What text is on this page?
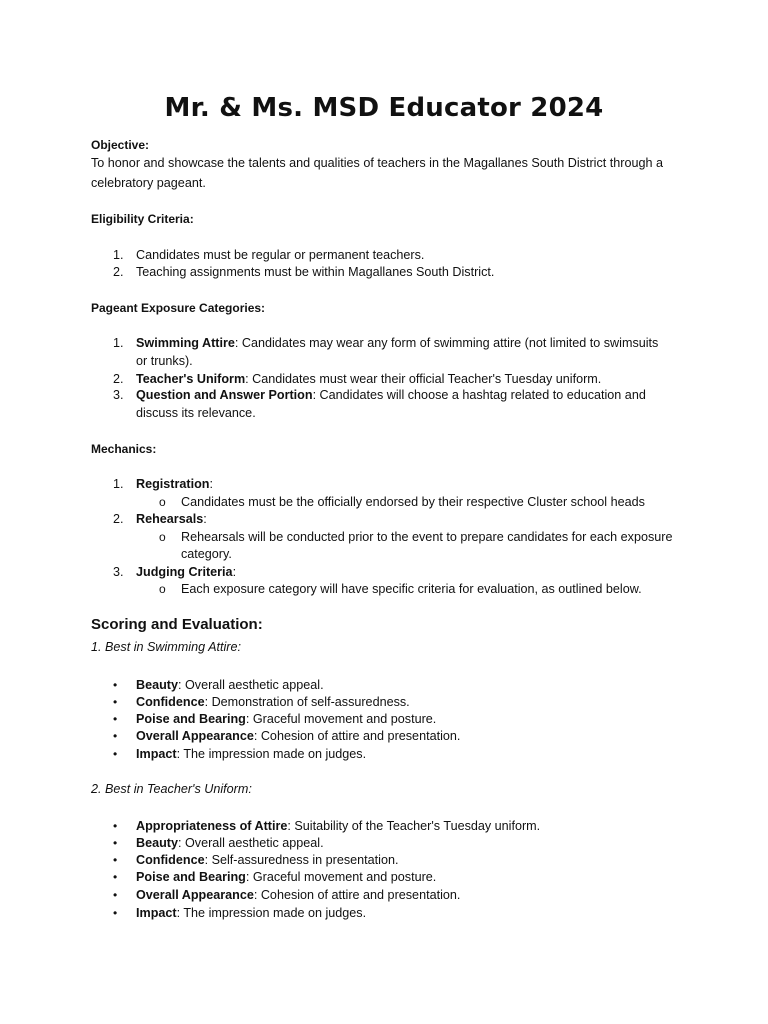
Mr. & Ms. MSD Educator 2024
Objective:
To honor and showcase the talents and qualities of teachers in the Magallanes South District through a
celebratory pageant.
Eligibility Criteria:
1. Candidates must be regular or permanent teachers.
2. Teaching assignments must be within Magallanes South District.
Pageant Exposure Categories:
1. Swimming Attire: Candidates may wear any form of swimming attire (not limited to swimsuits
or trunks).
2. Teacher's Uniform: Candidates must wear their official Teacher's Tuesday uniform.
3. Question and Answer Portion: Candidates will choose a hashtag related to education and
discuss its relevance.
Mechanics:
1. Registration:
o Candidates must be the officially endorsed by their respective Cluster school heads
2. Rehearsals:
o Rehearsals will be conducted prior to the event to prepare candidates for each exposure
category.
3. Judging Criteria:
o Each exposure category will have specific criteria for evaluation, as outlined below.
Scoring and Evaluation:
1. Best in Swimming Attire:
• Beauty: Overall aesthetic appeal.
• Confidence: Demonstration of self-assuredness.
• Poise and Bearing: Graceful movement and posture.
• Overall Appearance: Cohesion of attire and presentation.
• Impact: The impression made on judges.
2. Best in Teacher's Uniform:
• Appropriateness of Attire: Suitability of the Teacher's Tuesday uniform.
• Beauty: Overall aesthetic appeal.
• Confidence: Self-assuredness in presentation.
• Poise and Bearing: Graceful movement and posture.
• Overall Appearance: Cohesion of attire and presentation.
• Impact: The impression made on judges.
